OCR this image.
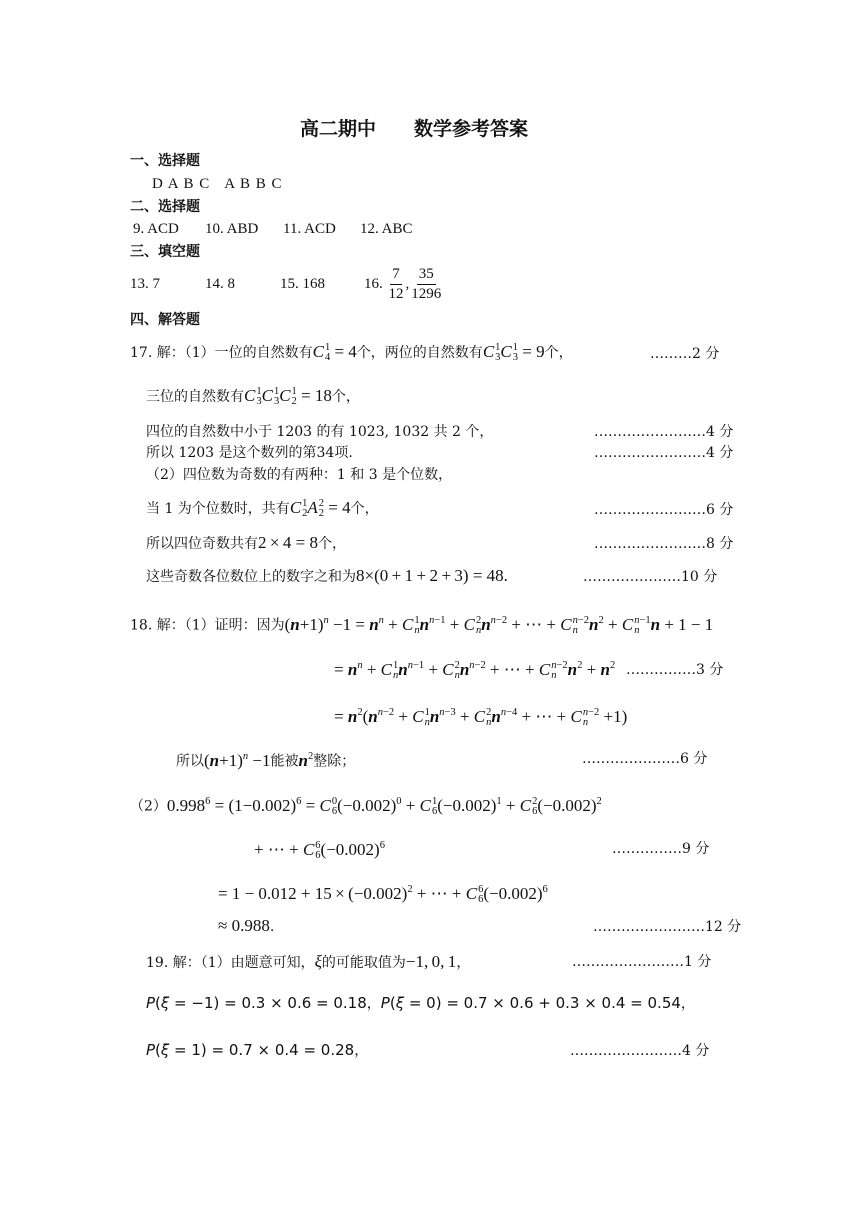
高二期中　　数学参考答案
一、选择题
D A B C　A B B C
二、选择题
9. ACD 10. ABD 11. ACD 12. ABC
三、填空题
13. 7	14. 8	15. 168	16. $\frac{7}{12}$ , $\frac{35}{1296}$
四、解答题
17. 解：（1）一位的自然数有C 1
4 = 4个，两位的自然数有C 1
3 C 1
3 = 9个，	………2 分
三位的自然数有C 1
3 C 1
3 C 1
2 = 18个，
四位的自然数中小于 1203 的有 1023, 1032 共 2 个，	……………………4 分
所以 1203 是这个数列的第34项.	……………………4 分
（2）四位数为奇数的有两种：1 和 3 是个位数，
当 1 为个位数时，共有C 1
2 A 2
2 = 4个，	……………………6 分
所以四位奇数共有2 × 4 = 8个，	……………………8 分
这些奇数各位数位上的数字之和为8×(0 + 1 + 2 + 3) = 48.	…………………10 分
18. 解：（1）证明：因为$(n+1)^n -1 = n^n + C$ 1
n $n^{n-1} + C$ 2
n $n^{n-2}$ + ⋯ + C n−2
n $n^2 + C$ n−1
n n + 1 − 1
= $n^n + C$ 1
n $n^{n-1} + C$ 2
n $n^{n-2}$ + ⋯ + C n−2
n $n^2 + n^2$ ……………3 分
= $n^2(n^{n-2} + C$ 1
n $n^{n-3} + C$ 2
n $n^{n-4}$ + ⋯ + C n−2
n +1)
所以$(n+1)^n -1$能被$n^2$整除；	…………………6 分
$(2)0.998^6 = (1-0.002)^6 = C$ 0
6 $(-0.002)^0 + C$ 1
6 $(-0.002)^1 + C$ 2
6 $(-0.002)^2$
+ ⋯ + C 6
6 $(-0.002)^6$	……………9 分
= $1 - 0.012 + 15 \times (-0.002)^2$ + ⋯ + C 6
6 $(-0.002)^6$
≈ 0.988.	……………………12 分
19. 解：（1）由题意可知，ξ的可能取值为−1, 0, 1，	……………………1 分
P(ξ = −1) = 0.3 × 0.6 = 0.18，P(ξ = 0) = 0.7 × 0.6 + 0.3 × 0.4 = 0.54，
P(ξ = 1) = 0.7 × 0.4 = 0.28，	……………………4 分
